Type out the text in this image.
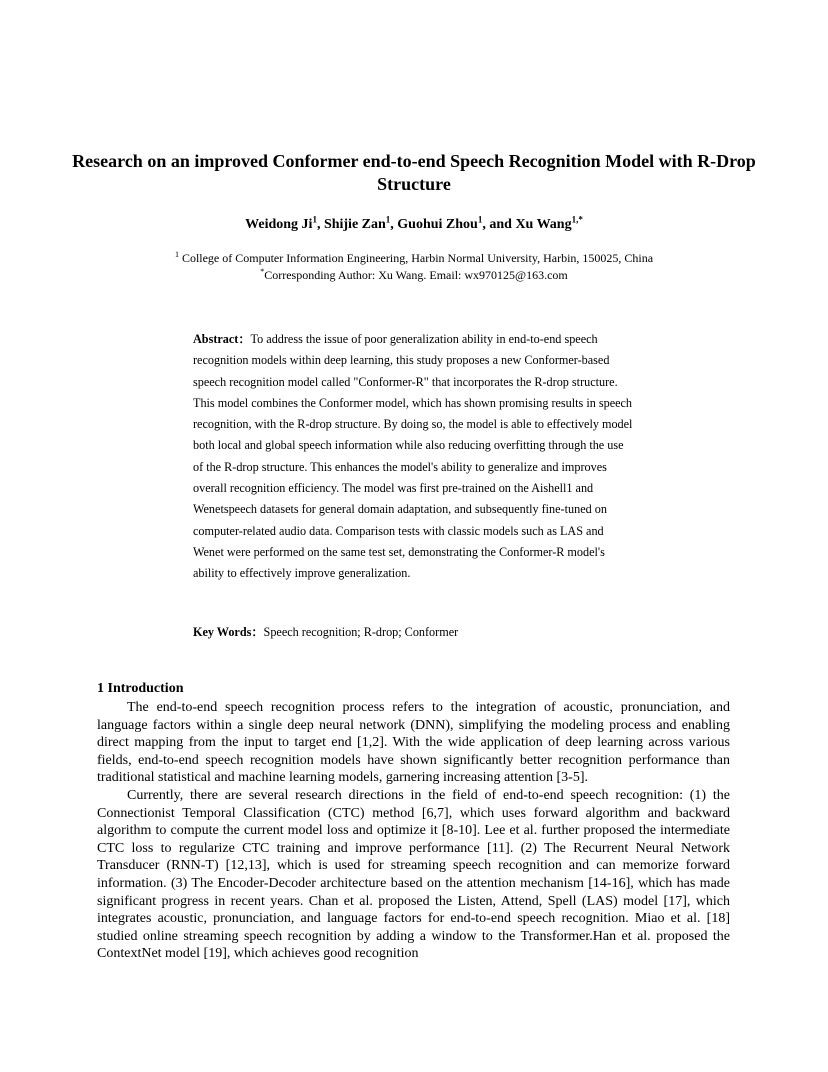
Research on an improved Conformer end-to-end Speech Recognition Model with R-Drop Structure
Weidong Ji$^1$, Shijie Zan$^1$, Guohui Zhou$^1$, and Xu Wang$^{1,*}$
$^1$ College of Computer Information Engineering, Harbin Normal University, Harbin, 150025, China
*Corresponding Author: Xu Wang. Email: wx970125@163.com
Abstract：To address the issue of poor generalization ability in end-to-end speech recognition models within deep learning, this study proposes a new Conformer-based speech recognition model called "Conformer-R" that incorporates the R-drop structure. This model combines the Conformer model, which has shown promising results in speech recognition, with the R-drop structure. By doing so, the model is able to effectively model both local and global speech information while also reducing overfitting through the use of the R-drop structure. This enhances the model's ability to generalize and improves overall recognition efficiency. The model was first pre-trained on the Aishell1 and Wenetspeech datasets for general domain adaptation, and subsequently fine-tuned on computer-related audio data. Comparison tests with classic models such as LAS and Wenet were performed on the same test set, demonstrating the Conformer-R model's ability to effectively improve generalization.
Key Words：Speech recognition; R-drop; Conformer
1 Introduction

The end-to-end speech recognition process refers to the integration of acoustic, pronunciation, and language factors within a single deep neural network (DNN), simplifying the modeling process and enabling direct mapping from the input to target end [1,2]. With the wide application of deep learning across various fields, end-to-end speech recognition models have shown significantly better recognition performance than traditional statistical and machine learning models, garnering increasing attention [3-5].

Currently, there are several research directions in the field of end-to-end speech recognition: (1) the Connectionist Temporal Classification (CTC) method [6,7], which uses forward algorithm and backward algorithm to compute the current model loss and optimize it [8-10]. Lee et al. further proposed the intermediate CTC loss to regularize CTC training and improve performance [11]. (2) The Recurrent Neural Network Transducer (RNN-T) [12,13], which is used for streaming speech recognition and can memorize forward information. (3) The Encoder-Decoder architecture based on the attention mechanism [14-16], which has made significant progress in recent years. Chan et al. proposed the Listen, Attend, Spell (LAS) model [17], which integrates acoustic, pronunciation, and language factors for end-to-end speech recognition. Miao et al. [18] studied online streaming speech recognition by adding a window to the Transformer.Han et al. proposed the ContextNet model [19], which achieves good recognition
